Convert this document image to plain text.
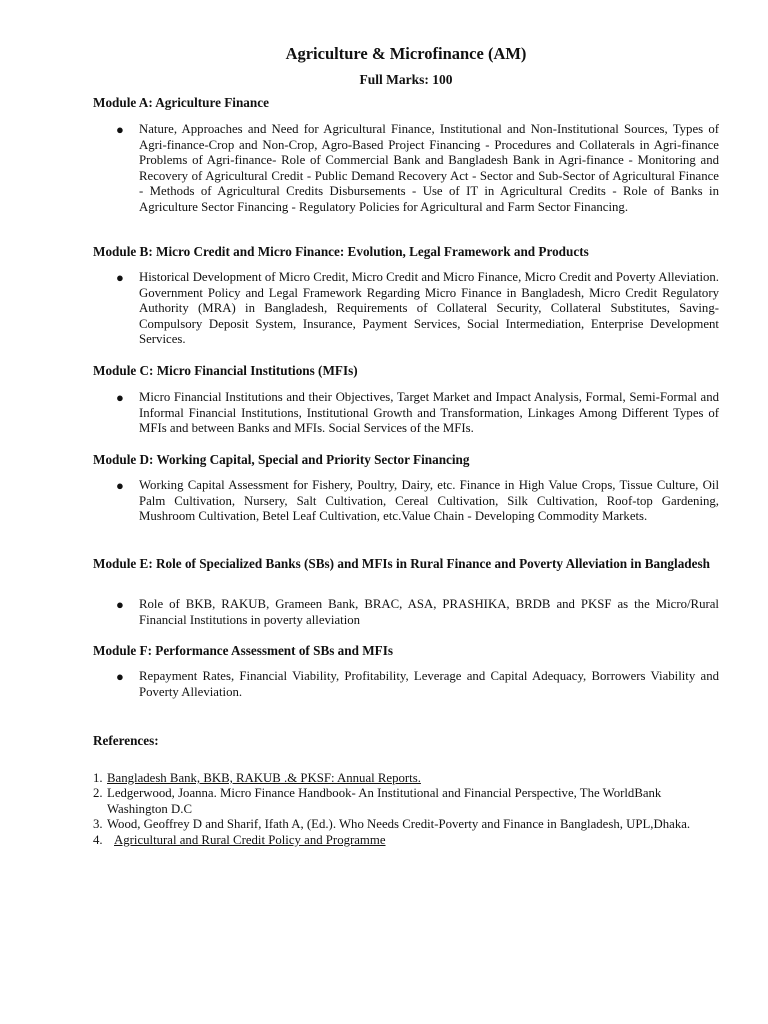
Agriculture & Microfinance (AM)
Full Marks: 100
Module A: Agriculture Finance
● Nature, Approaches and Need for Agricultural Finance, Institutional and Non-Institutional Sources, Types of Agri-finance-Crop and Non-Crop, Agro-Based Project Financing - Procedures and Collaterals in Agri-finance Problems of Agri-finance- Role of Commercial Bank and Bangladesh Bank in Agri-finance - Monitoring and Recovery of Agricultural Credit - Public Demand Recovery Act - Sector and Sub-Sector of Agricultural Finance - Methods of Agricultural Credits Disbursements - Use of IT in Agricultural Credits - Role of Banks in Agriculture Sector Financing - Regulatory Policies for Agricultural and Farm Sector Financing.
Module B: Micro Credit and Micro Finance: Evolution, Legal Framework and Products
● Historical Development of Micro Credit, Micro Credit and Micro Finance, Micro Credit and Poverty Alleviation. Government Policy and Legal Framework Regarding Micro Finance in Bangladesh, Micro Credit Regulatory Authority (MRA) in Bangladesh, Requirements of Collateral Security, Collateral Substitutes, Saving-Compulsory Deposit System, Insurance, Payment Services, Social Intermediation, Enterprise Development Services.
Module C: Micro Financial Institutions (MFIs)
● Micro Financial Institutions and their Objectives, Target Market and Impact Analysis, Formal, Semi-Formal and Informal Financial Institutions, Institutional Growth and Transformation, Linkages Among Different Types of MFIs and between Banks and MFIs. Social Services of the MFIs.
Module D: Working Capital, Special and Priority Sector Financing
● Working Capital Assessment for Fishery, Poultry, Dairy, etc. Finance in High Value Crops, Tissue Culture, Oil Palm Cultivation, Nursery, Salt Cultivation, Cereal Cultivation, Silk Cultivation, Roof-top Gardening, Mushroom Cultivation, Betel Leaf Cultivation, etc.Value Chain - Developing Commodity Markets.
Module E: Role of Specialized Banks (SBs) and MFIs in Rural Finance and Poverty Alleviation in Bangladesh
● Role of BKB, RAKUB, Grameen Bank, BRAC, ASA, PRASHIKA, BRDB and PKSF as the Micro/Rural Financial Institutions in poverty alleviation
Module F: Performance Assessment of SBs and MFIs
● Repayment Rates, Financial Viability, Profitability, Leverage and Capital Adequacy, Borrowers Viability and Poverty Alleviation.
References:
1. Bangladesh Bank, BKB, RAKUB .& PKSF: Annual Reports.
2. Ledgerwood, Joanna. Micro Finance Handbook- An Institutional and Financial Perspective, The WorldBank Washington D.C
3. Wood, Geoffrey D and Sharif, Ifath A, (Ed.). Who Needs Credit-Poverty and Finance in Bangladesh, UPL,Dhaka.
4. Agricultural and Rural Credit Policy and Programme
